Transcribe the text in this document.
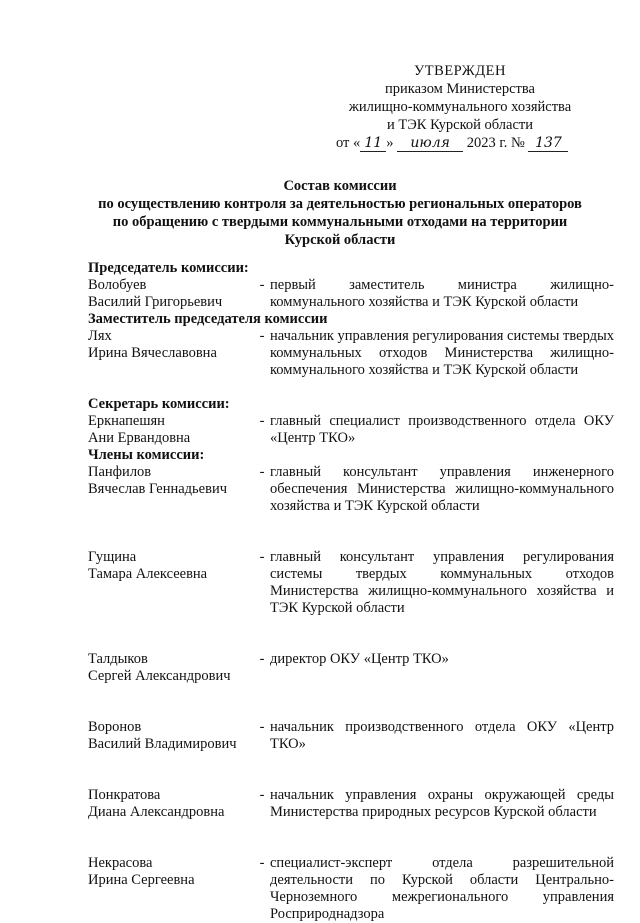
УТВЕРЖДЕН
приказом Министерства
жилищно-коммунального хозяйства
и ТЭК Курской области
от « 11 » июля 2023 г. № 137
Состав комиссии
по осуществлению контроля за деятельностью региональных операторов
по обращению с твердыми коммунальными отходами на территории
Курской области
Председатель комиссии:
Волобуев
Василий Григорьевич
- первый заместитель министра жилищно-коммунального хозяйства и ТЭК Курской области
Заместитель председателя комиссии
Лях
Ирина Вячеславовна
- начальник управления регулирования системы твердых коммунальных отходов Министерства жилищно-коммунального хозяйства и ТЭК Курской области
Секретарь комиссии:
Еркнапешян
Ани Ервандовна
- главный специалист производственного отдела ОКУ «Центр ТКО»
Члены комиссии:
Панфилов
Вячеслав Геннадьевич
- главный консультант управления инженерного обеспечения Министерства жилищно-коммунального хозяйства и ТЭК Курской области
Гущина
Тамара Алексеевна
- главный консультант управления регулирования системы твердых коммунальных отходов Министерства жилищно-коммунального хозяйства и ТЭК Курской области
Талдыков
Сергей Александрович
- директор ОКУ «Центр ТКО»
Воронов
Василий Владимирович
- начальник производственного отдела ОКУ «Центр ТКО»
Понкратова
Диана Александровна
- начальник управления охраны окружающей среды Министерства природных ресурсов Курской области
Некрасова
Ирина Сергеевна
- специалист-эксперт отдела разрешительной деятельности по Курской области Центрально-Черноземного межрегионального управления Росприроднадзора
